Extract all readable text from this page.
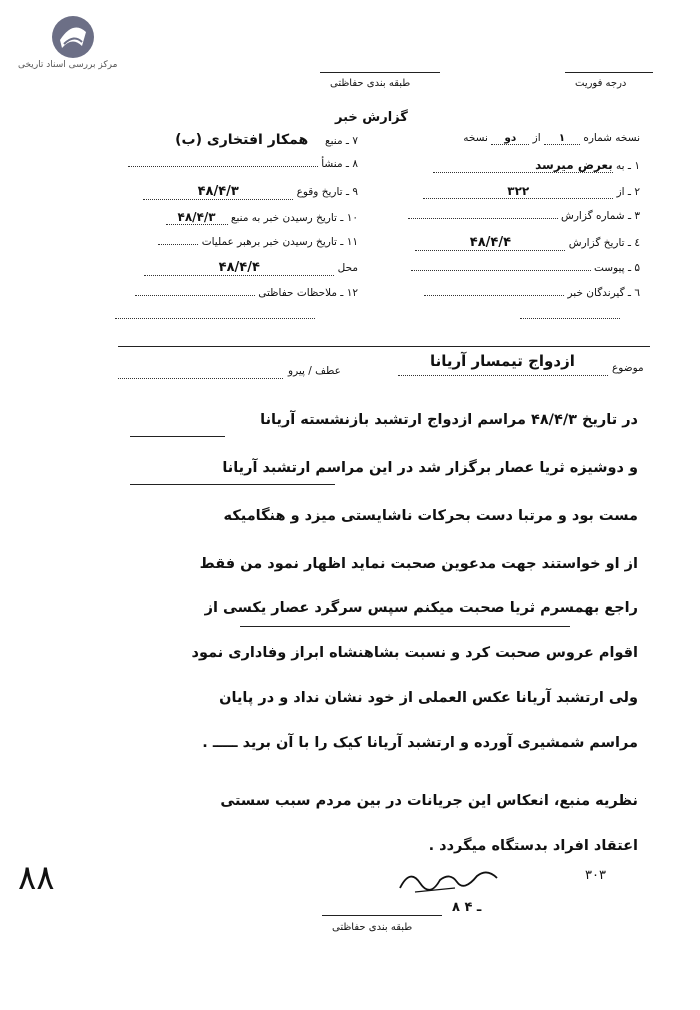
مرکز بررسی اسناد تاریخی
طبقه بندی حفاظتی	درجه فوریت
گزارش خبر
نسخه شماره ۱ از دو نسخه
۱ ـ به بعرض میرسد
۲ ـ از ۳۲۲
۳ ـ شماره گزارش
٤ ـ تاریخ گزارش ۴۸/۴/۴
۵ ـ پیوست
٦ ـ گیرندگان خبر
۷ ـ منبع همکار افتخاری (ب)
۸ ـ منشأ
۹ ـ تاریخ وقوع ۴۸/۴/۳
۱۰ ـ تاریخ رسیدن خبر به منبع ۴۸/۴/۳
۱۱ ـ تاریخ رسیدن خبر برهبر عملیات
محل ۴۸/۴/۴
۱۲ ـ ملاحظات حفاظتی
موضوع
ازدواج تیمسار آریانا
عطف / پیرو
در تاریخ ۴۸/۴/۳ مراسم ازدواج ارتشبد بازنشسته آریانا
و دوشیزه ثریا عصار برگزار شد در این مراسم ارتشبد آریانا
مست بود و مرتبا دست بحرکات ناشایستی میزد و هنگامیکه
از او خواستند جهت مدعوین صحبت نماید اظهار نمود من فقط
راجع بهمسرم ثریا صحبت میکنم سپس سرگرد عصار یکسی از
اقوام عروس صحبت کرد و نسبت بشاهنشاه ابراز وفاداری نمود
ولی ارتشبد آریانا عکس العملی از خود نشان نداد و در پایان
مراسم شمشیری آورده و ارتشبد آریانا کیک را با آن برید ـــــ .
نظریه منبع، انعکاس این جریانات در بین مردم سبب سستی
اعتقاد افراد بدستگاه میگردد .
۸۸	۳۰۳
۸ ـ ۴
طبقه بندی حفاظتی
